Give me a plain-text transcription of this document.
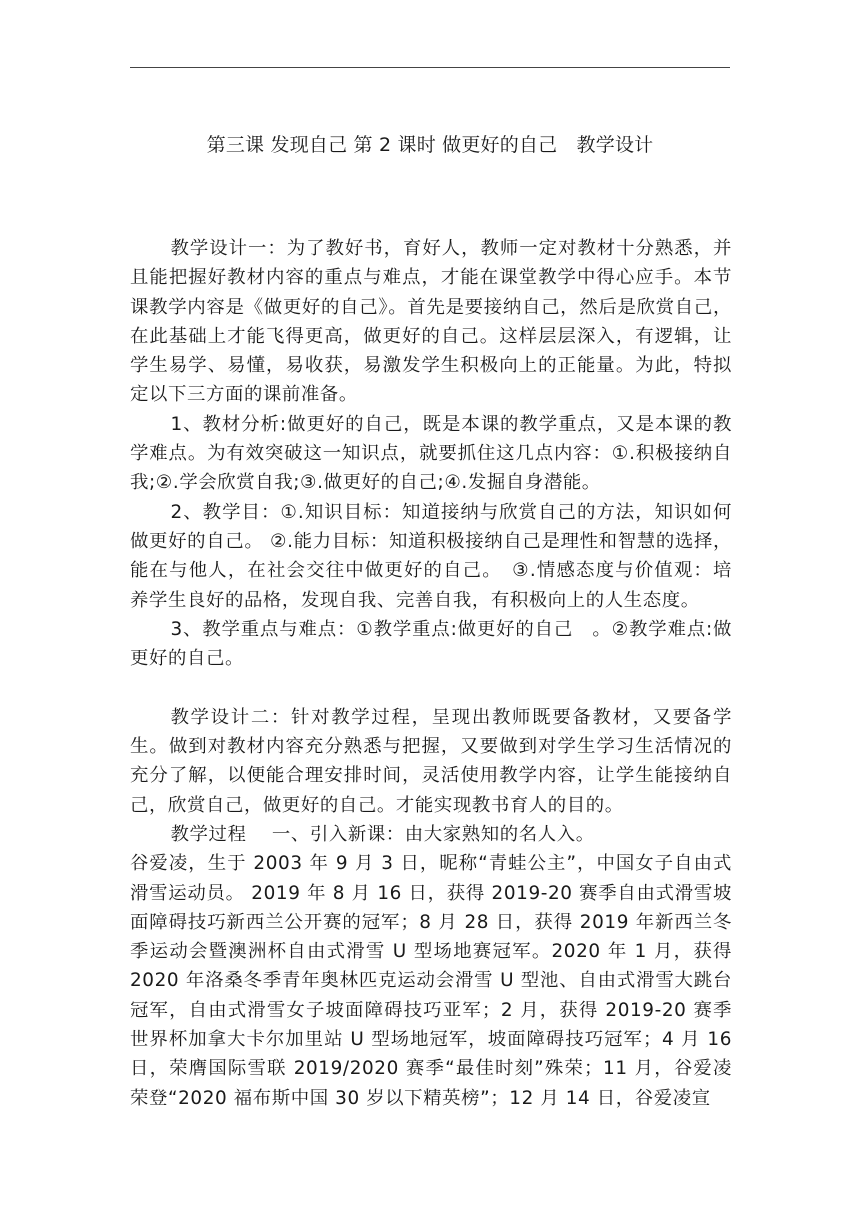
第三课 发现自己 第 2 课时 做更好的自己　教学设计

教学设计一：为了教好书，育好人，教师一定对教材十分熟悉，并且能把握好教材内容的重点与难点，才能在课堂教学中得心应手。本节课教学内容是《做更好的自己》。首先是要接纳自己，然后是欣赏自己，在此基础上才能飞得更高，做更好的自己。这样层层深入，有逻辑，让学生易学、易懂，易收获，易激发学生积极向上的正能量。为此，特拟定以下三方面的课前准备。

1、教材分析:做更好的自己，既是本课的教学重点，又是本课的教学难点。为有效突破这一知识点，就要抓住这几点内容：①.积极接纳自我;②.学会欣赏自我;③.做更好的自己;④.发掘自身潜能。

2、教学目：①.知识目标：知道接纳与欣赏自己的方法，知识如何做更好的自己。 ②.能力目标：知道积极接纳自己是理性和智慧的选择，能在与他人，在社会交往中做更好的自己。　③.情感态度与价值观：培养学生良好的品格，发现自我、完善自我，有积极向上的人生态度。

3、教学重点与难点：①教学重点:做更好的自己　。②教学难点:做更好的自己。

教学设计二：针对教学过程，呈现出教师既要备教材，又要备学生。做到对教材内容充分熟悉与把握，又要做到对学生学习生活情况的充分了解，以便能合理安排时间，灵活使用教学内容，让学生能接纳自己，欣赏自己，做更好的自己。才能实现教书育人的目的。

教学过程　 一、引入新课：由大家熟知的名人入。

谷爱凌，生于 2003 年 9 月 3 日，昵称“青蛙公主”，中国女子自由式滑雪运动员。 2019 年 8 月 16 日，获得 2019-20 赛季自由式滑雪坡面障碍技巧新西兰公开赛的冠军；8 月 28 日，获得 2019 年新西兰冬季运动会暨澳洲杯自由式滑雪 U 型场地赛冠军。2020 年 1 月，获得 2020 年洛桑冬季青年奥林匹克运动会滑雪 U 型池、自由式滑雪大跳台冠军，自由式滑雪女子坡面障碍技巧亚军；2 月，获得 2019-20 赛季世界杯加拿大卡尔加里站 U 型场地冠军，坡面障碍技巧冠军；4 月 16 日，荣膺国际雪联 2019/2020 赛季“最佳时刻”殊荣；11 月，谷爱凌荣登“2020 福布斯中国 30 岁以下精英榜”；12 月 14 日，谷爱凌宣
